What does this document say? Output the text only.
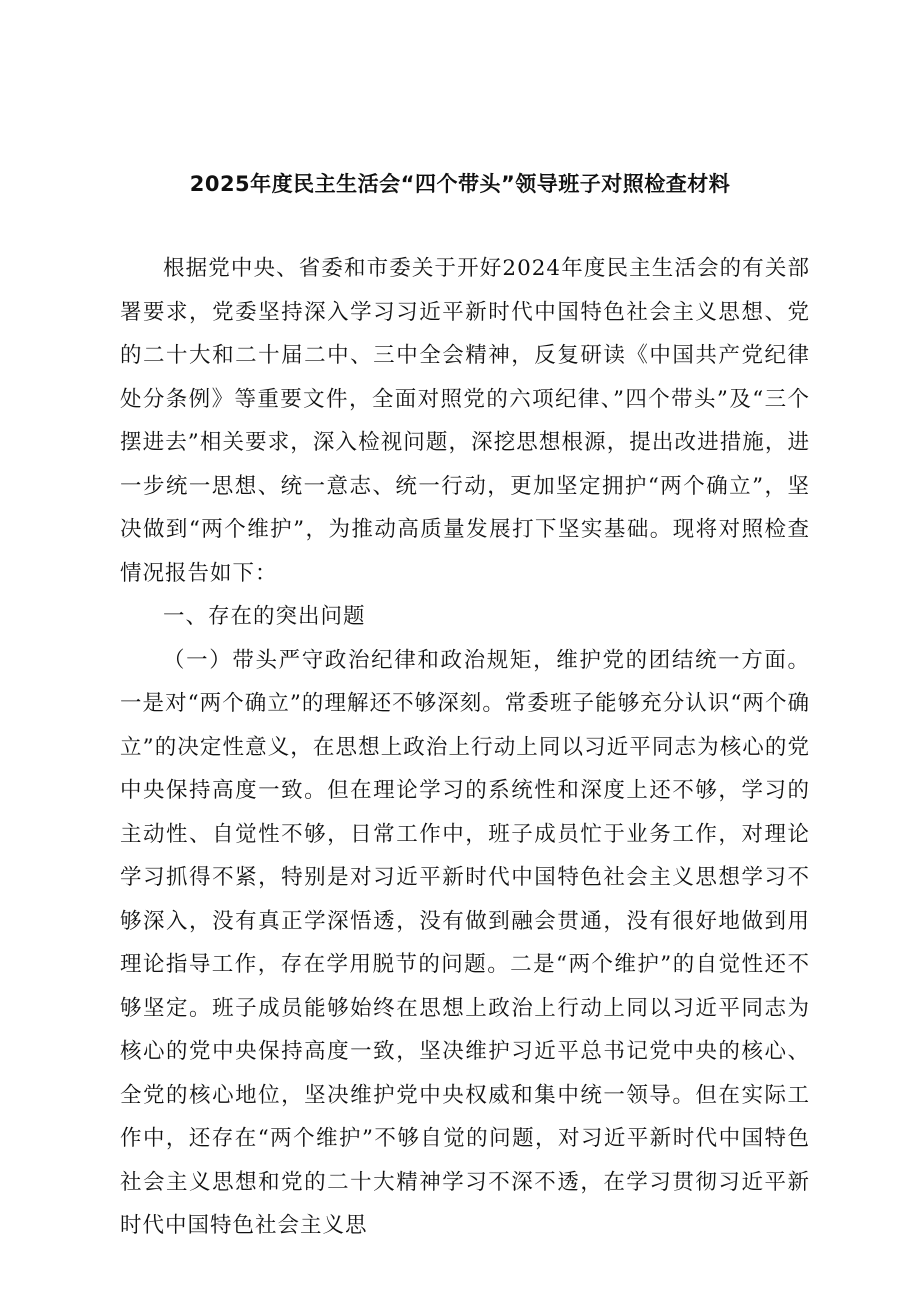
2025年度民主生活会“四个带头”领导班子对照检查材料

根据党中央、省委和市委关于开好2024年度民主生活会的有关部署要求，党委坚持深入学习习近平新时代中国特色社会主义思想、党的二十大和二十届二中、三中全会精神，反复研读《中国共产党纪律处分条例》等重要文件，全面对照党的六项纪律、”四个带头”及“三个摆进去”相关要求，深入检视问题，深挖思想根源，提出改进措施，进一步统一思想、统一意志、统一行动，更加坚定拥护“两个确立”，坚决做到“两个维护”，为推动高质量发展打下坚实基础。现将对照检查情况报告如下：

一、存在的突出问题

（一）带头严守政治纪律和政治规矩，维护党的团结统一方面。一是对“两个确立”的理解还不够深刻。常委班子能够充分认识“两个确立”的决定性意义，在思想上政治上行动上同以习近平同志为核心的党中央保持高度一致。但在理论学习的系统性和深度上还不够，学习的主动性、自觉性不够，日常工作中，班子成员忙于业务工作，对理论学习抓得不紧，特别是对习近平新时代中国特色社会主义思想学习不够深入，没有真正学深悟透，没有做到融会贯通，没有很好地做到用理论指导工作，存在学用脱节的问题。二是“两个维护”的自觉性还不够坚定。班子成员能够始终在思想上政治上行动上同以习近平同志为核心的党中央保持高度一致，坚决维护习近平总书记党中央的核心、全党的核心地位，坚决维护党中央权威和集中统一领导。但在实际工作中，还存在“两个维护”不够自觉的问题，对习近平新时代中国特色社会主义思想和党的二十大精神学习不深不透，在学习贯彻习近平新时代中国特色社会主义思
